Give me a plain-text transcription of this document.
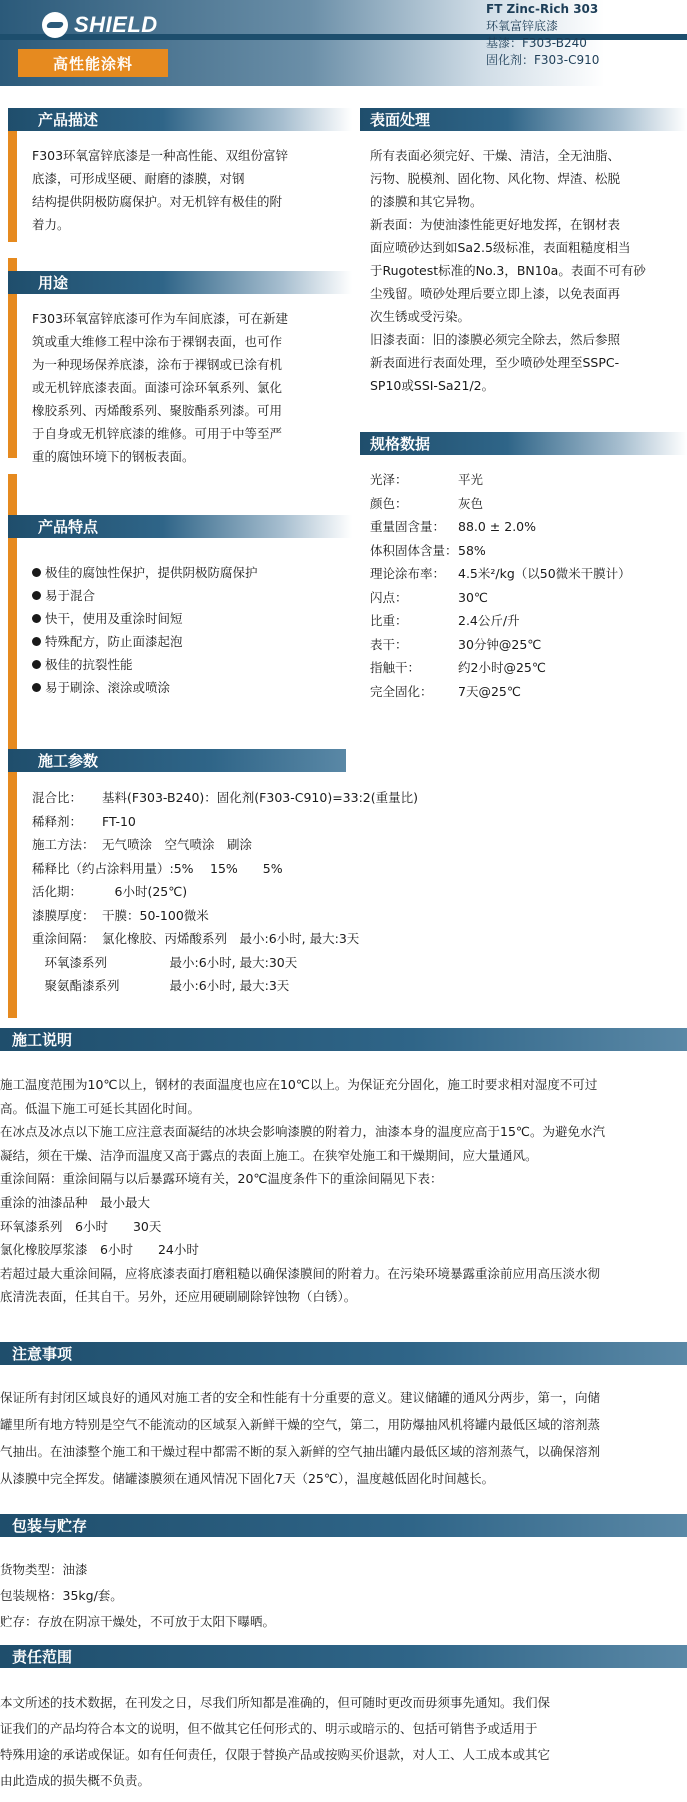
SHIELD
高性能涂料
FT Zinc-Rich 303
环氧富锌底漆
基漆：F303-B240
固化剂：F303-C910
产品描述
F303环氧富锌底漆是一种高性能、双组份富锌
底漆，可形成坚硬、耐磨的漆膜，对钢
结构提供阴极防腐保护。对无机锌有极佳的附
着力。
用途
F303环氧富锌底漆可作为车间底漆，可在新建
筑或重大维修工程中涂布于裸钢表面，也可作
为一种现场保养底漆，涂布于裸钢或已涂有机
或无机锌底漆表面。面漆可涂环氧系列、氯化
橡胶系列、丙烯酸系列、聚胺酯系列漆。可用
于自身或无机锌底漆的维修。可用于中等至严
重的腐蚀环境下的钢板表面。
产品特点
极佳的腐蚀性保护，提供阴极防腐保护
易于混合
快干，使用及重涂时间短
特殊配方，防止面漆起泡
极佳的抗裂性能
易于刷涂、滚涂或喷涂
表面处理
所有表面必须完好、干燥、清洁，全无油脂、
污物、脱模剂、固化物、风化物、焊渣、松脱
的漆膜和其它异物。
新表面：为使油漆性能更好地发挥，在钢材表
面应喷砂达到如Sa2.5级标准，表面粗糙度相当
于Rugotest标准的No.3，BN10a。表面不可有砂
尘残留。喷砂处理后要立即上漆，以免表面再
次生锈或受污染。
旧漆表面：旧的漆膜必须完全除去，然后参照
新表面进行表面处理，至少喷砂处理至SSPC-
SP10或SSI-Sa21/2。
规格数据
光泽：	平光
颜色：	灰色
重量固含量：	88.0 ± 2.0%
体积固体含量： 58%
理论涂布率：	4.5米²/kg（以50微米干膜计）
闪点：	30℃
比重：	2.4公斤/升
表干：	30分钟@25℃
指触干：	约2小时@25℃
完全固化：	7天@25℃
施工参数
混合比：	基料(F303-B240)：固化剂(F303-C910)=33:2(重量比)
稀释剂：	FT-10
施工方法： 无气喷涂　空气喷涂　刷涂
稀释比（约占涂料用量）:5%　 15%　　5%
活化期：	　6小时(25℃)
漆膜厚度： 干膜：50-100微米
重涂间隔： 氯化橡胶、丙烯酸系列　最小:6小时, 最大:3天
　环氧漆系列　　　　　最小:6小时, 最大:30天
　聚氨酯漆系列　　　　最小:6小时, 最大:3天
施工说明
施工温度范围为10℃以上，钢材的表面温度也应在10℃以上。为保证充分固化，施工时要求相对湿度不可过
高。低温下施工可延长其固化时间。
在冰点及冰点以下施工应注意表面凝结的冰块会影响漆膜的附着力，油漆本身的温度应高于15℃。为避免水汽
凝结，须在干燥、洁净而温度又高于露点的表面上施工。在狭窄处施工和干燥期间，应大量通风。
重涂间隔：重涂间隔与以后暴露环境有关，20℃温度条件下的重涂间隔见下表：
重涂的油漆品种　最小最大
环氧漆系列　6小时　　30天
氯化橡胶厚浆漆　6小时　　24小时
若超过最大重涂间隔，应将底漆表面打磨粗糙以确保漆膜间的附着力。在污染环境暴露重涂前应用高压淡水彻
底清洗表面，任其自干。另外，还应用硬刷刷除锌蚀物（白锈）。
注意事项
保证所有封闭区域良好的通风对施工者的安全和性能有十分重要的意义。建议储罐的通风分两步，第一，向储
罐里所有地方特别是空气不能流动的区域泵入新鲜干燥的空气，第二，用防爆抽风机将罐内最低区域的溶剂蒸
气抽出。在油漆整个施工和干燥过程中都需不断的泵入新鲜的空气抽出罐内最低区域的溶剂蒸气，以确保溶剂
从漆膜中完全挥发。储罐漆膜须在通风情况下固化7天（25℃），温度越低固化时间越长。
包装与贮存
货物类型：油漆
包装规格：35kg/套。
贮存：存放在阴凉干燥处，不可放于太阳下曝晒。
责任范围
本文所述的技术数据，在刊发之日，尽我们所知都是准确的，但可随时更改而毋须事先通知。我们保
证我们的产品均符合本文的说明，但不做其它任何形式的、明示或暗示的、包括可销售予或适用于
特殊用途的承诺或保证。如有任何责任，仅限于替换产品或按购买价退款，对人工、人工成本或其它
由此造成的损失概不负责。
